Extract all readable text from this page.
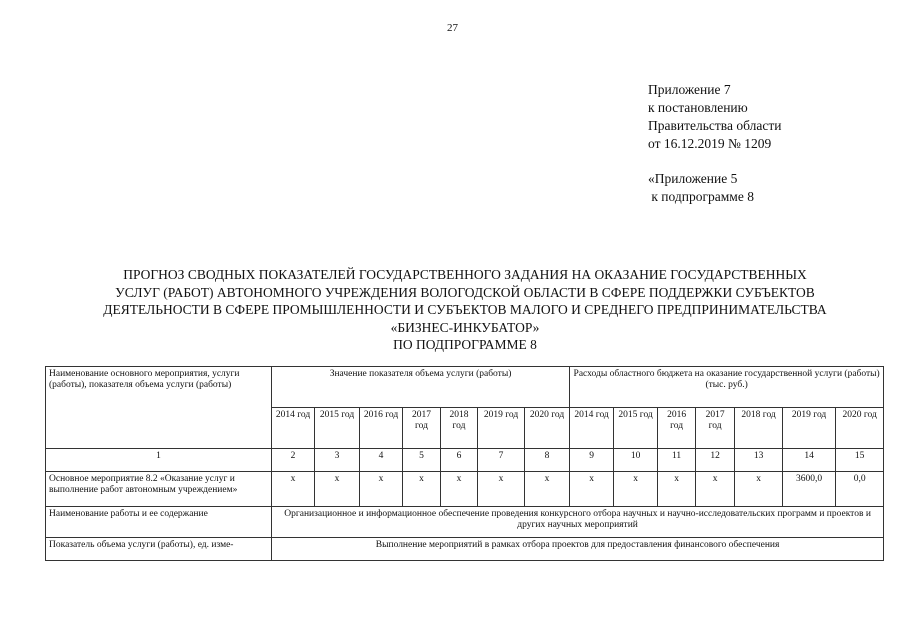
27
Приложение 7
к постановлению
Правительства области
от 16.12.2019 № 1209
«Приложение 5
к подпрограмме 8
ПРОГНОЗ СВОДНЫХ ПОКАЗАТЕЛЕЙ ГОСУДАРСТВЕННОГО ЗАДАНИЯ НА ОКАЗАНИЕ ГОСУДАРСТВЕННЫХ
УСЛУГ (РАБОТ) АВТОНОМНОГО УЧРЕЖДЕНИЯ ВОЛОГОДСКОЙ ОБЛАСТИ В СФЕРЕ ПОДДЕРЖКИ СУБЪЕКТОВ
ДЕЯТЕЛЬНОСТИ В СФЕРЕ ПРОМЫШЛЕННОСТИ И СУБЪЕКТОВ МАЛОГО И СРЕДНЕГО ПРЕДПРИНИМАТЕЛЬСТВА
«БИЗНЕС-ИНКУБАТОР»
ПО ПОДПРОГРАММЕ 8
Наименование основного мероприятия, услуги (работы), показателя объема услуги (работы)	Значение показателя объема услуги (работы)							Расходы областного бюджета на оказание государственной услуги (работы) (тыс. руб.)						
	2014 год	2015 год	2016 год	2017 год	2018 год	2019 год	2020 год	2014 год	2015 год	2016 год	2017 год	2018 год	2019 год	2020 год
1	2	3	4	5	6	7	8	9	10	11	12	13	14	15
Основное мероприятие 8.2 «Оказание услуг и выполнение работ автономным учреждением»	х	х	х	х	х	х	х	х	х	х	х	х	3600,0	0,0
Наименование работы и ее содержание	Организационное и информационное обеспечение проведения конкурсного отбора научных и научно-исследовательских программ и проектов и других научных мероприятий													
Показатель объема услуги (работы), ед. изме-	Выполнение мероприятий в рамках отбора проектов для предоставления финансового обеспечения													
